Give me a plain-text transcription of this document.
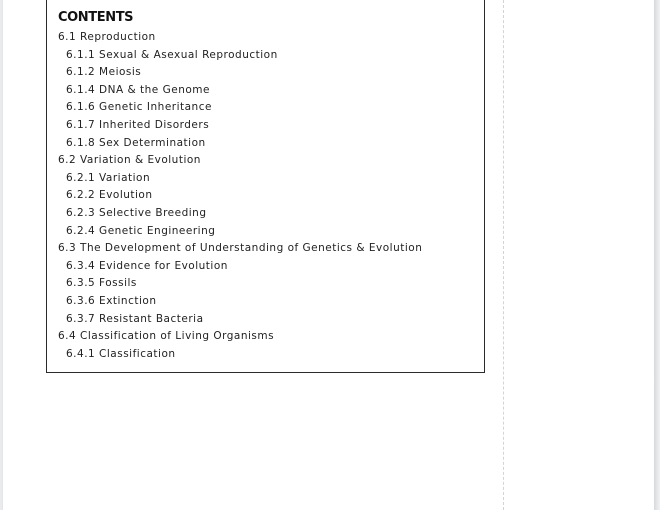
CONTENTS
6.1 Reproduction
6.1.1 Sexual & Asexual Reproduction
6.1.2 Meiosis
6.1.4 DNA & the Genome
6.1.6 Genetic Inheritance
6.1.7 Inherited Disorders
6.1.8 Sex Determination
6.2 Variation & Evolution
6.2.1 Variation
6.2.2 Evolution
6.2.3 Selective Breeding
6.2.4 Genetic Engineering
6.3 The Development of Understanding of Genetics & Evolution
6.3.4 Evidence for Evolution
6.3.5 Fossils
6.3.6 Extinction
6.3.7 Resistant Bacteria
6.4 Classification of Living Organisms
6.4.1 Classification
